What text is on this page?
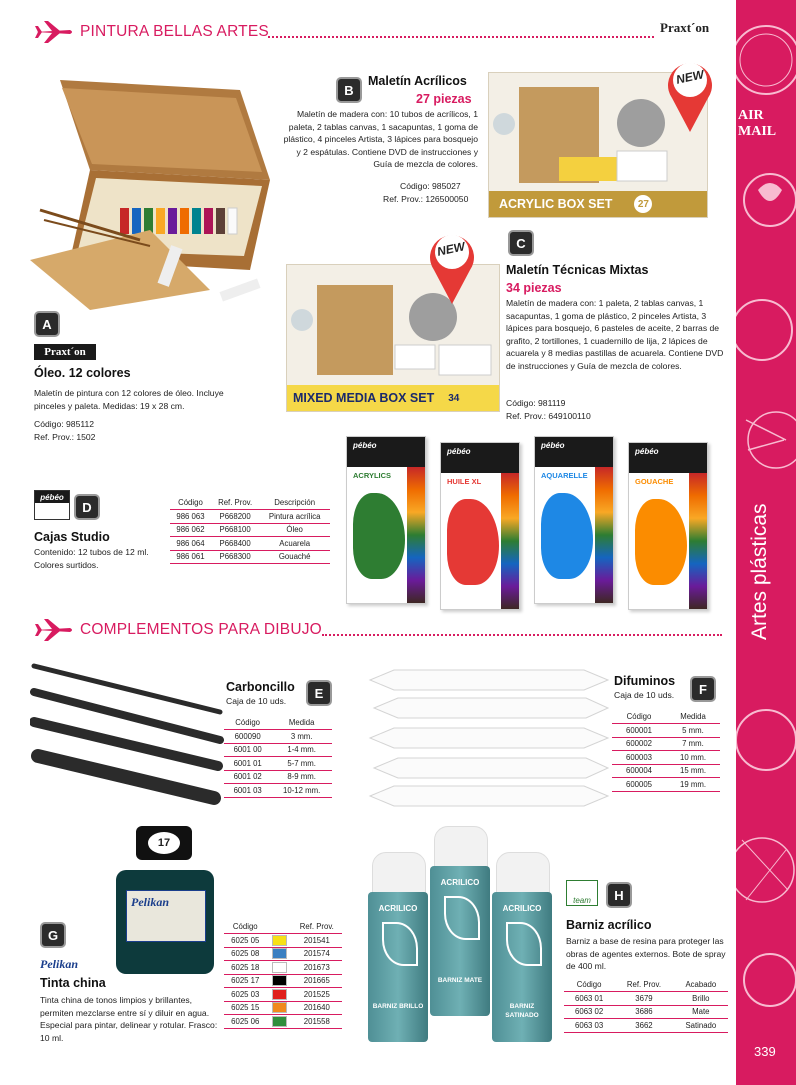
AIR MAIL
Artes plásticas
339
PINTURA BELLAS ARTES	Praxt´on
A
Praxt´on
Óleo. 12 colores
Maletín de pintura con 12 colores de óleo. Incluye pinceles y paleta. Medidas: 19 x 28 cm.
Código: 985112
Ref. Prov.: 1502
B
Maletín Acrílicos
27 piezas
Maletín de madera con: 10 tubos de acrílicos, 1 paleta, 2 tablas canvas, 1 sacapuntas, 1 goma de plástico, 4 pinceles Artista, 3 lápices para bosquejo y 2 espátulas. Contiene DVD de instrucciones y Guía de mezcla de colores.
Código: 985027
Ref. Prov.: 126500050 ACRYLIC BOX SET	27
NEW
MIXED MEDIA BOX SET 34
NEW	C
Maletín Técnicas Mixtas
34 piezas
Maletín de madera con: 1 paleta, 2 tablas canvas, 1 sacapuntas, 1 goma de plástico, 2 pinceles Artista, 3 lápices para bosquejo, 6 pasteles de aceite, 2 barras de grafito, 2 tortillones, 1 cuadernillo de lija, 2 lápices de acuarela y 8 medias pastillas de acuarela. Contiene DVD de instrucciones y Guía de mezcla de colores.
Código: 981119
Ref. Prov.: 649100110
pébéo
D
Cajas Studio
Contenido: 12 tubos de 12 ml. Colores surtidos.
Código	Ref. Prov.	Descripción
986 063	P668200	Pintura acrílica
986 062	P668100	Óleo
986 064	P668400	Acuarela
986 061	P668300	Gouaché
pébéo
ACRYLICS
pébéo
HUILE XL
pébéo
AQUARELLE
pébéo
GOUACHE
COMPLEMENTOS PARA DIBUJO
Carboncillo
Caja de 10 uds.
E
Código	Medida
600090	3 mm.
6001 00	1-4 mm.
6001 01	5-7 mm.
6001 02	8-9 mm.
6001 03	10-12 mm.
Difuminos
Caja de 10 uds.	F
Código	Medida
600001	5 mm.
600002	7 mm.
600003	10 mm.
600004	15 mm.
600005	19 mm.
17
Pelikan
G
Pelikan
Tinta china
Tinta china de tonos limpios y brillantes, permiten mezclarse entre sí y diluir en agua. Especial para pintar, delinear y rotular. Frasco: 10 ml.
Código		Ref. Prov.
6025 05		201541
6025 08		201574
6025 18		201673
6025 17		201665
6025 03		201525
6025 15		201640
6025 06		201558
ACRILICO
BARNIZ BRILLO
ACRILICO
BARNIZ MATE
ACRILICO
BARNIZ SATINADO
team	H
Barniz acrílico
Barniz a base de resina para proteger las obras de agentes externos. Bote de spray de 400 ml.
Código	Ref. Prov.	Acabado
6063 01	3679	Brillo
6063 02	3686	Mate
6063 03	3662	Satinado
